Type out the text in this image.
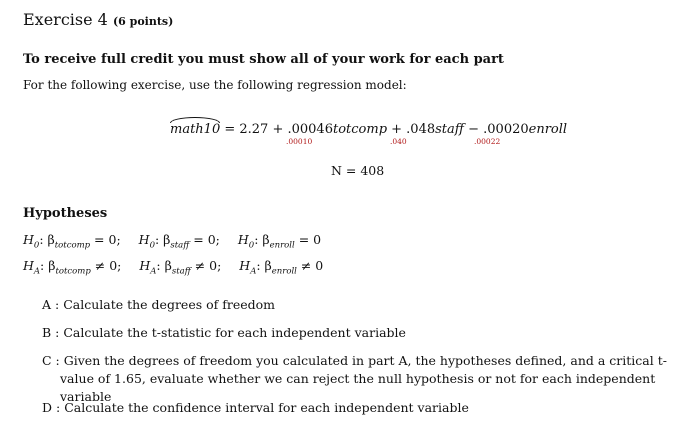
Exercise 4 (6 points)
To receive full credit you must show all of your work for each part
For the following exercise, use the following regression model:
math10 = 2.27 + .00046totcomp + .048staff − .00020enroll
.00010	.040	.00022
N = 408
Hypotheses
$H_0$: $\beta_{totcomp} = 0$; $H_0$: $\beta_{staff} = 0$; $H_0$: $\beta_{enroll} = 0$
$H_A$: $\beta_{totcomp} \ne 0$; $H_A$: $\beta_{staff} \ne 0$; $H_A$: $\beta_{enroll} \ne 0$
A : Calculate the degrees of freedom
B : Calculate the t-statistic for each independent variable
C : Given the degrees of freedom you calculated in part A, the hypotheses defined, and a critical t-value of 1.65, evaluate whether we can reject the null hypothesis or not for each independent variable
D : Calculate the confidence interval for each independent variable
